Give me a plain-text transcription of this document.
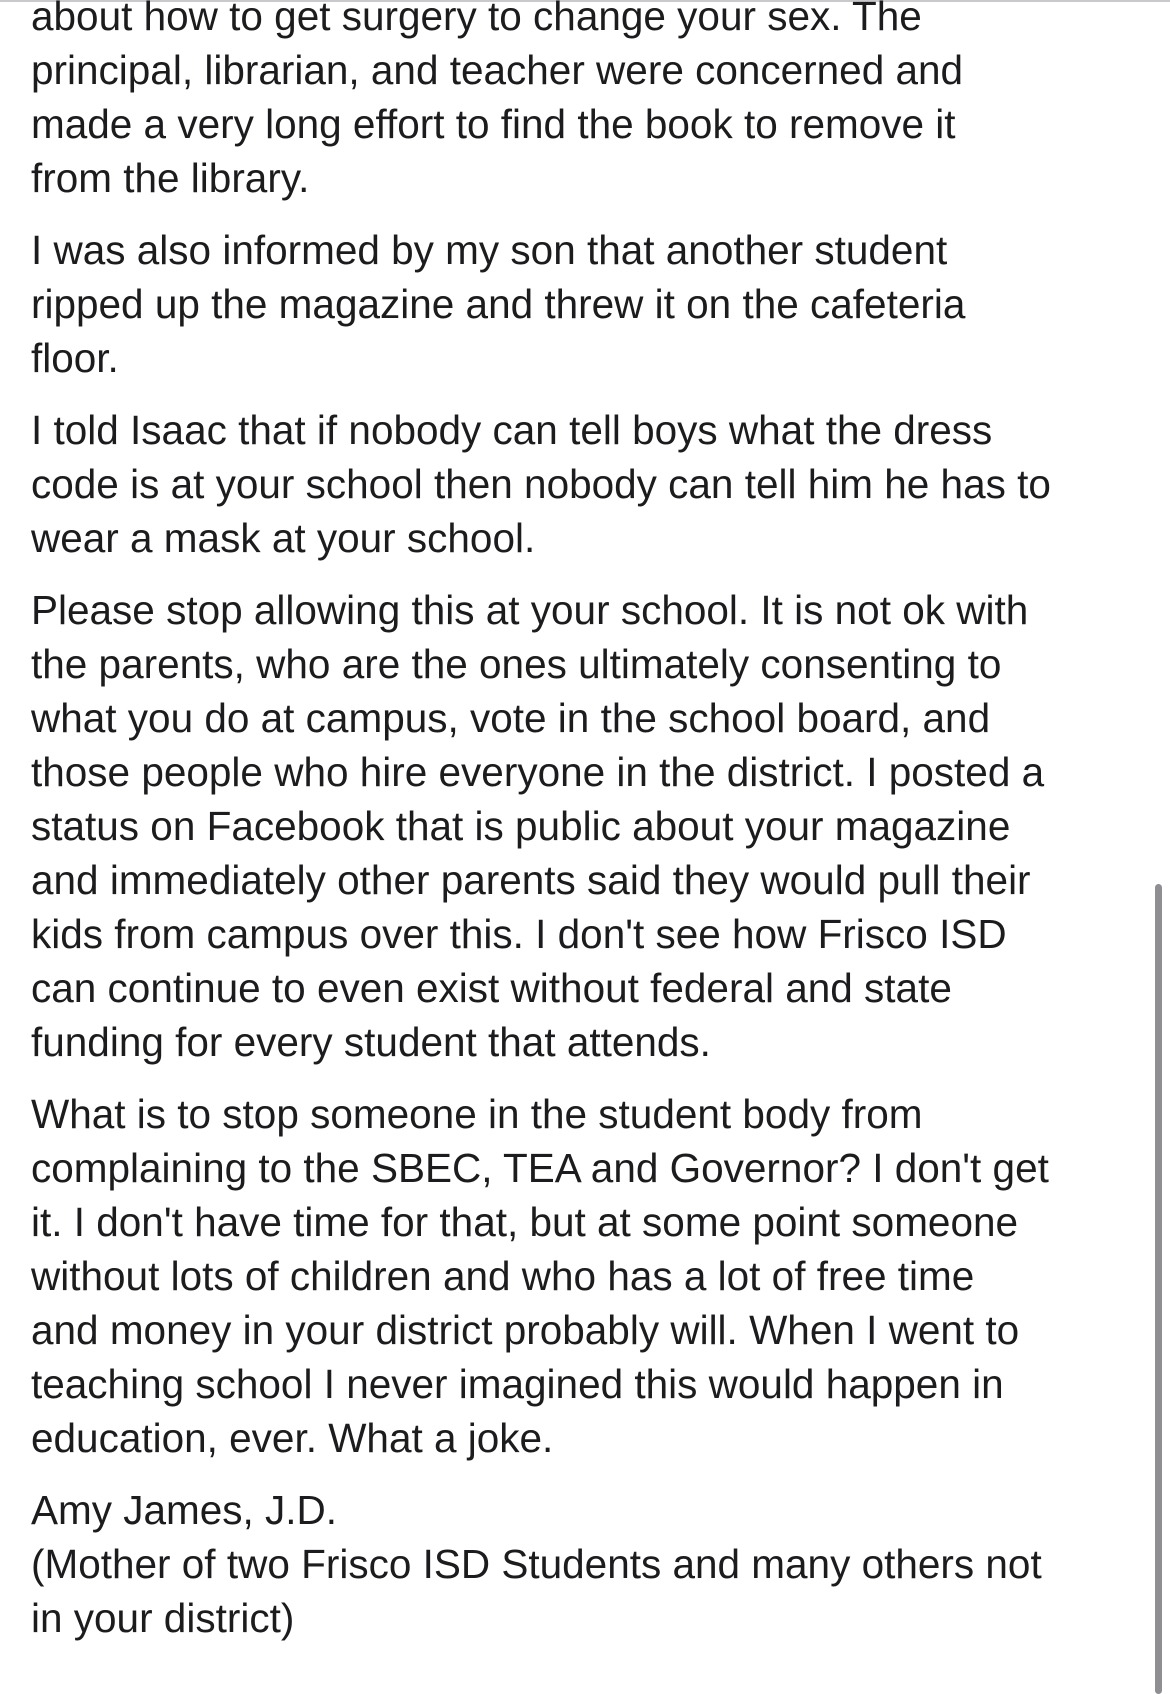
about how to get surgery to change your sex. The
principal, librarian, and teacher were concerned and
made a very long effort to find the book to remove it
from the library.

I was also informed by my son that another student
ripped up the magazine and threw it on the cafeteria
floor.

I told Isaac that if nobody can tell boys what the dress
code is at your school then nobody can tell him he has to
wear a mask at your school.

Please stop allowing this at your school. It is not ok with
the parents, who are the ones ultimately consenting to
what you do at campus, vote in the school board, and
those people who hire everyone in the district. I posted a
status on Facebook that is public about your magazine
and immediately other parents said they would pull their
kids from campus over this. I don't see how Frisco ISD
can continue to even exist without federal and state
funding for every student that attends.

What is to stop someone in the student body from
complaining to the SBEC, TEA and Governor? I don't get
it. I don't have time for that, but at some point someone
without lots of children and who has a lot of free time
and money in your district probably will. When I went to
teaching school I never imagined this would happen in
education, ever. What a joke.

Amy James, J.D.
(Mother of two Frisco ISD Students and many others not
in your district)
